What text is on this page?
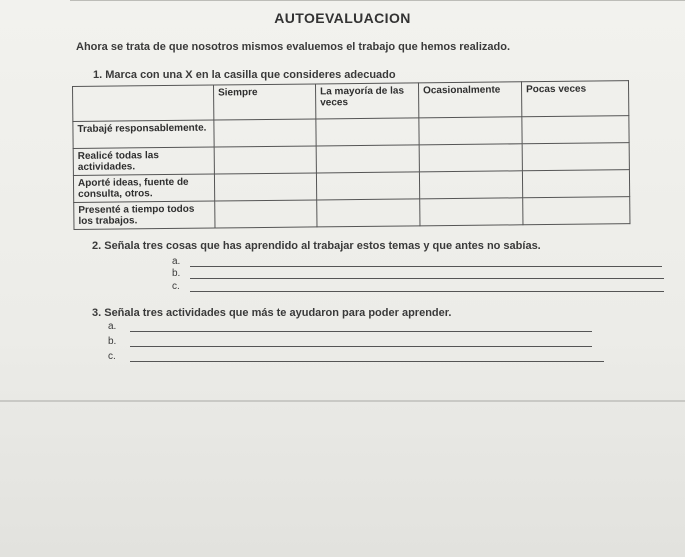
AUTOEVALUACION
Ahora se trata de que nosotros mismos evaluemos el trabajo que hemos realizado.
1. Marca con una X en la casilla que consideres adecuado
	Siempre	La mayoría de las veces	Ocasionalmente	Pocas veces
Trabajé responsablemente.				
Realicé todas las actividades.				
Aporté ideas, fuente de consulta, otros.				
Presenté a tiempo todos los trabajos.				
2. Señala tres cosas que has aprendido al trabajar estos temas y que antes no sabías.
a.
b.
c.
3. Señala tres actividades que más te ayudaron para poder aprender.
a.
b.
c.
